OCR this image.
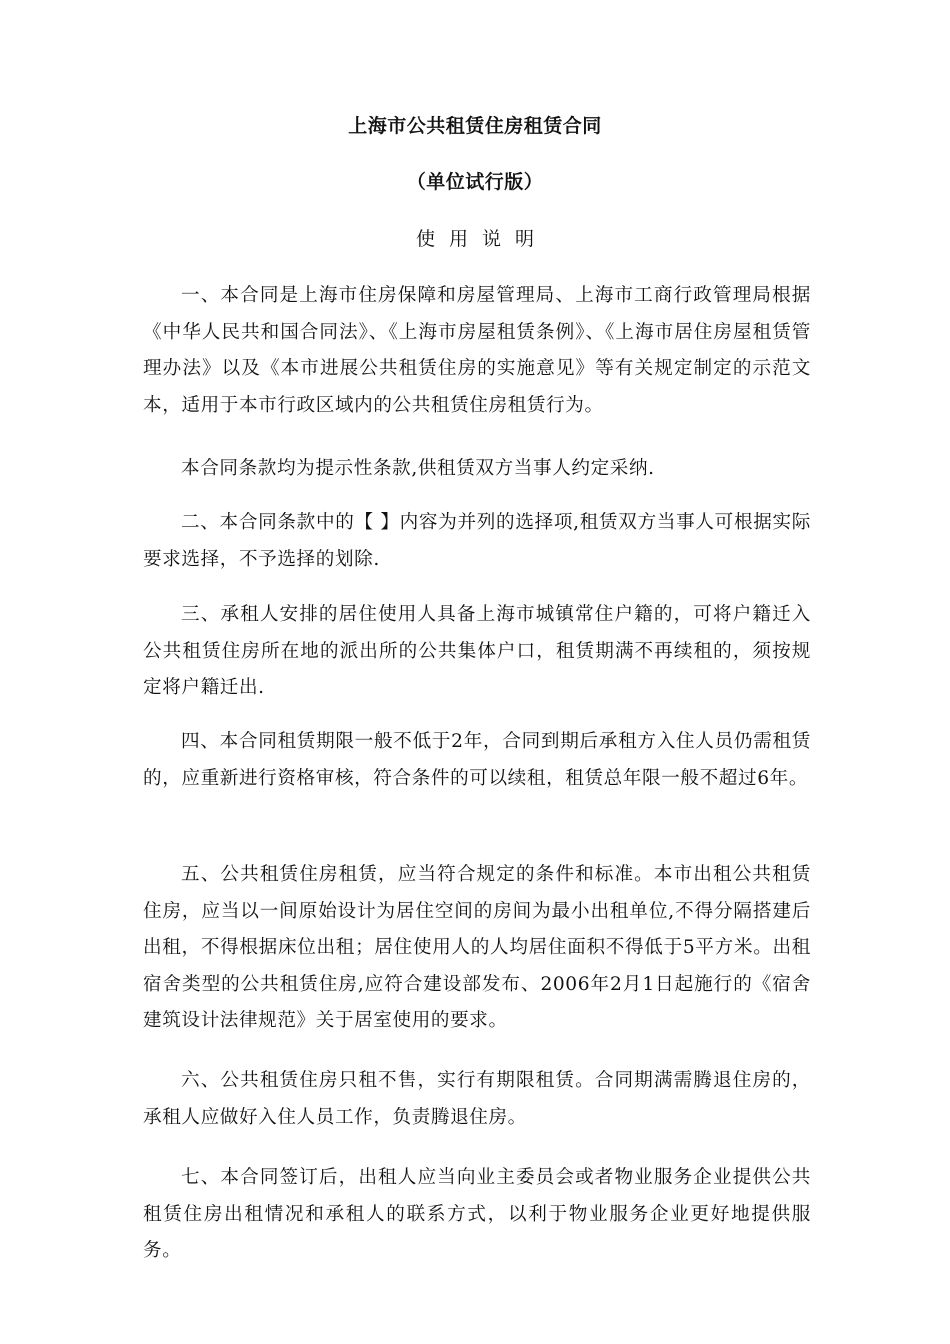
上海市公共租赁住房租赁合同
（单位试行版）
使用说明

一、本合同是上海市住房保障和房屋管理局、上海市工商行政管理局根据《中华人民共和国合同法》、《上海市房屋租赁条例》、《上海市居住房屋租赁管理办法》以及《本市进展公共租赁住房的实施意见》等有关规定制定的示范文本，适用于本市行政区域内的公共租赁住房租赁行为。

本合同条款均为提示性条款,供租赁双方当事人约定采纳.

二、本合同条款中的【 】内容为并列的选择项,租赁双方当事人可根据实际要求选择，不予选择的划除.

三、承租人安排的居住使用人具备上海市城镇常住户籍的，可将户籍迁入公共租赁住房所在地的派出所的公共集体户口，租赁期满不再续租的，须按规定将户籍迁出.

四、本合同租赁期限一般不低于2年，合同到期后承租方入住人员仍需租赁的，应重新进行资格审核，符合条件的可以续租，租赁总年限一般不超过6年。

五、公共租赁住房租赁，应当符合规定的条件和标准。本市出租公共租赁住房，应当以一间原始设计为居住空间的房间为最小出租单位,不得分隔搭建后出租，不得根据床位出租；居住使用人的人均居住面积不得低于5平方米。出租宿舍类型的公共租赁住房,应符合建设部发布、2006年2月1日起施行的《宿舍建筑设计法律规范》关于居室使用的要求。

六、公共租赁住房只租不售，实行有期限租赁。合同期满需腾退住房的，承租人应做好入住人员工作，负责腾退住房。

七、本合同签订后，出租人应当向业主委员会或者物业服务企业提供公共租赁住房出租情况和承租人的联系方式，以利于物业服务企业更好地提供服务。
